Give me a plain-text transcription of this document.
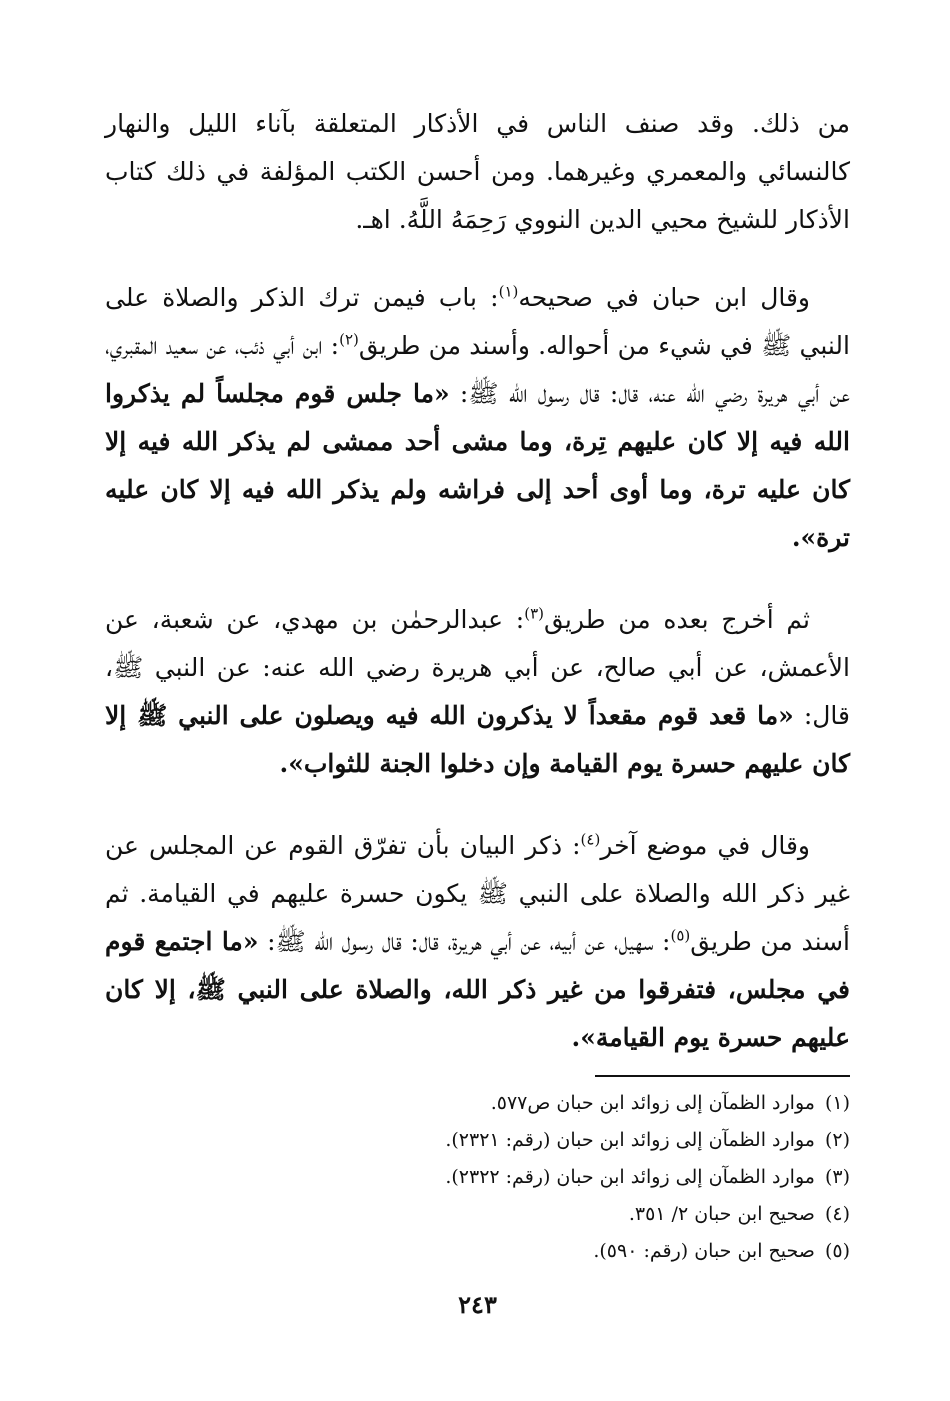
من ذلك. وقد صنف الناس في الأذكار المتعلقة بآناء الليل والنهار كالنسائي والمعمري وغيرهما. ومن أحسن الكتب المؤلفة في ذلك كتاب الأذكار للشيخ محيي الدين النووي رَحِمَهُ اللَّهُ. اهـ.

وقال ابن حبان في صحيحه$^{(١)}$: باب فيمن ترك الذكر والصلاة على النبي ﷺ في شيء من أحواله. وأسند من طريق$^{(٢)}$: ابن أبي ذئب، عن سعيد المقبري، عن أبي هريرة رضي الله عنه، قال: قال رسول الله ﷺ: «ما جلس قوم مجلساً لم يذكروا الله فيه إلا كان عليهم تِرة، وما مشى أحد ممشى لم يذكر الله فيه إلا كان عليه ترة، وما أوى أحد إلى فراشه ولم يذكر الله فيه إلا كان عليه ترة».

ثم أخرج بعده من طريق$^{(٣)}$: عبدالرحمٰن بن مهدي، عن شعبة، عن الأعمش، عن أبي صالح، عن أبي هريرة رضي الله عنه: عن النبي ﷺ، قال: «ما قعد قوم مقعداً لا يذكرون الله فيه ويصلون على النبي ﷺ إلا كان عليهم حسرة يوم القيامة وإن دخلوا الجنة للثواب».

وقال في موضع آخر$^{(٤)}$: ذكر البيان بأن تفرّق القوم عن المجلس عن غير ذكر الله والصلاة على النبي ﷺ يكون حسرة عليهم في القيامة. ثم أسند من طريق$^{(٥)}$: سهيل، عن أبيه، عن أبي هريرة، قال: قال رسول الله ﷺ: «ما اجتمع قوم في مجلس، فتفرقوا من غير ذكر الله، والصلاة على النبي ﷺ، إلا كان عليهم حسرة يوم القيامة».

(١)موارد الظمآن إلى زوائد ابن حبان ص٥٧٧.
(٢)موارد الظمآن إلى زوائد ابن حبان (رقم: ٢٣٢١).
(٣)موارد الظمآن إلى زوائد ابن حبان (رقم: ٢٣٢٢).
(٤)صحيح ابن حبان ٢/ ٣٥١.
(٥)صحيح ابن حبان (رقم: ٥٩٠).
٢٤٣
